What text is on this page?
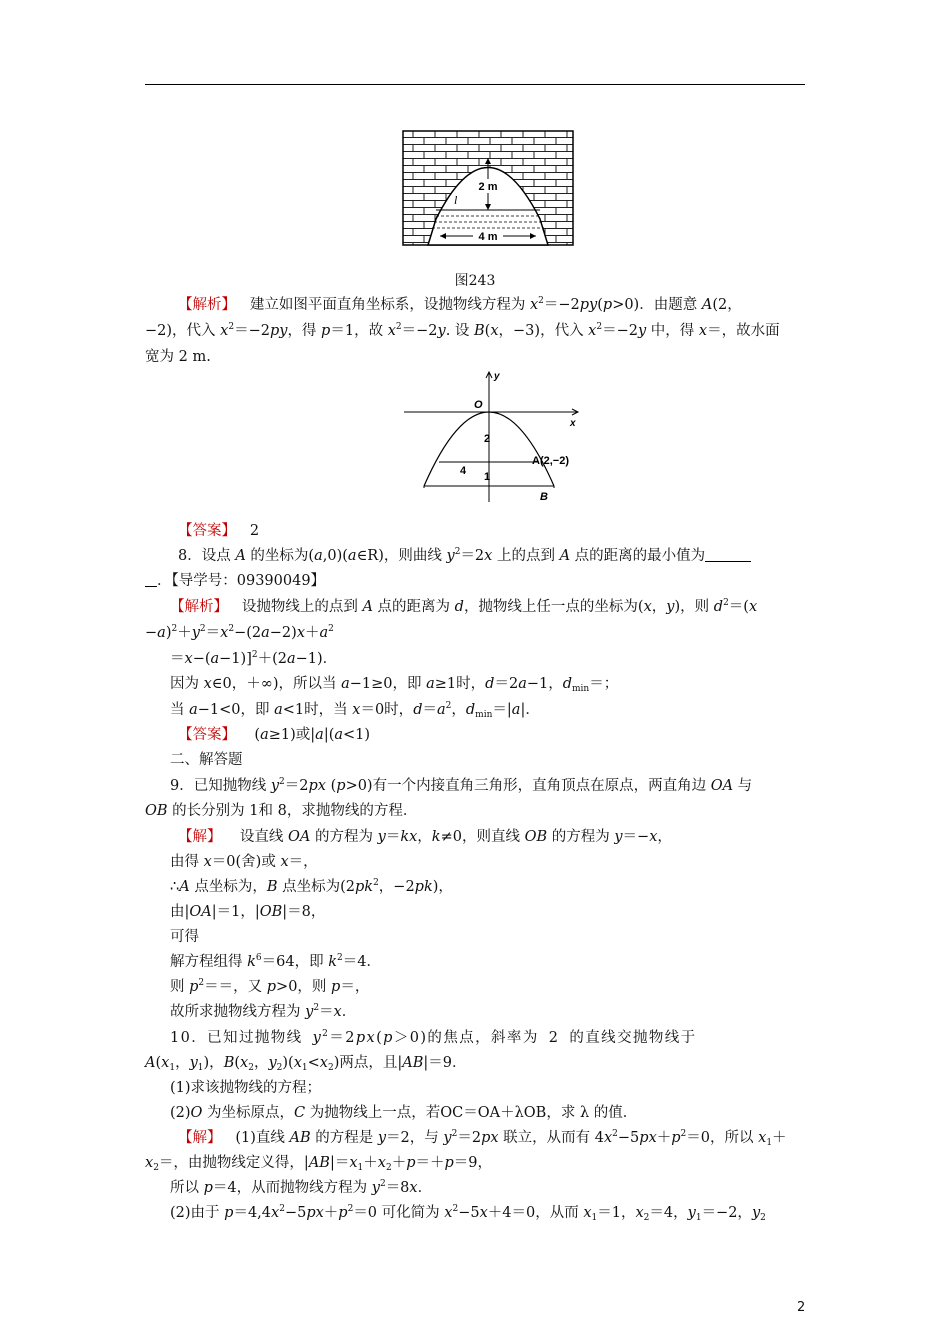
2 m
l
4 m
图243
【解析】 建立如图平面直角坐标系，设抛物线方程为 $x^2=-2py(p>0)$．由题意 A(2，
−2)，代入 $x^2=-2py$，得 p＝1，故 $x^2=-2y$. 设 B(x，−3)，代入 $x^2=-2y$ 中，得 x＝，故水面
宽为 2 m.
y
x
O
2
4 1
A(2,−2)
B
【答案】 2
8．设点 A 的坐标为(a,0)(a∈R)，则曲线 $y^2=2x$ 上的点到 A 点的距离的最小值为
．【导学号：09390049】
【解析】   设抛物线上的点到 A 点的距离为 d，抛物线上任一点的坐标为(x，y)，则 $d^2=(x$
$-a)^2+y^2=x^2-(2a-2)x+a^2$
＝x−(a−1)]$^2$＋(2a−1)．
因为 x∈0，＋∞)，所以当 a−1≥0，即 a≥1时，d＝2a−1，$d_{min}=$；
当 a−1<0，即 a<1时，当 x＝0时，$d=a^2$，$d_{min}=|a|$．
【答案】    (a≥1)或|a|(a<1)
二、解答题
9．已知抛物线 $y^2=2px$ (p>0)有一个内接直角三角形，直角顶点在原点，两直角边 OA 与
OB 的长分别为 1和 8，求抛物线的方程．
【解】    设直线 OA 的方程为 y＝kx，k≠0，则直线 OB 的方程为 y＝−x，
由得 x＝0(舍)或 x＝，
∴A 点坐标为，B 点坐标为($2pk^2$，−2pk)，
由|OA|＝1，|OB|＝8，
可得
解方程组得 $k^6=64$，即 $k^2=4$．
则 $p^2==$，又 p>0，则 p＝，
故所求抛物线方程为 $y^2=x$．
10．已知过抛物线 $y^2=2px(p>0)$的焦点，斜率为 2 的直线交抛物线于
$A(x_1$，$y_1$)，$B(x_2$，$y_2)(x_1<x_2)$两点，且|AB|＝9．
(1)求该抛物线的方程；
(2)O 为坐标原点，C 为抛物线上一点，若OC＝OA＋λOB，求 λ 的值．
【解】   (1)直线 AB 的方程是 y＝2，与 $y^2=2px$ 联立，从而有 $4x^2-5px+p^2=0$，所以 $x_1+$
$x_2=$，由抛物线定义得，$|AB|=x_1+x_2+p=+p=9$，
所以 p＝4，从而抛物线方程为 $y^2=8x$．
(2)由于 $p=4,4x^2-5px+p^2=0$ 可化简为 $x^2-5x+4=0$，从而 $x_1=1$，$x_2=4$，$y_1=-2$，$y_2$
2
